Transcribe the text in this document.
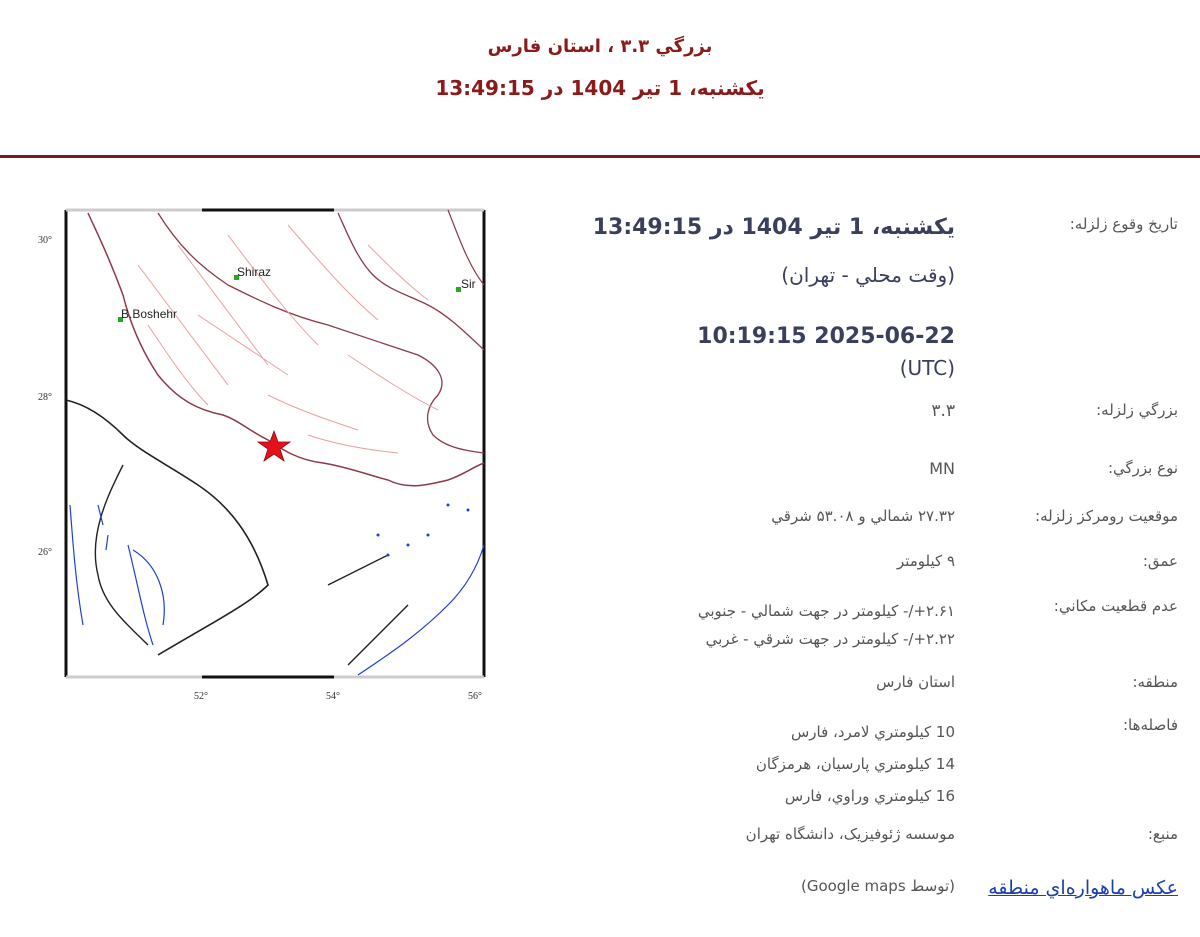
بزرگي ۳.۳ ، استان فارس
يکشنبه، 1 تير 1404 در 13:49:15
Shiraz
B.Boshehr
Sir
30°
28°
26°
52°	54°	56°
تاريخ وقوع زلزله:
يکشنبه، 1 تير 1404 در 13:49:15
(وقت محلي - تهران)
2025-06-22 10:19:15
(UTC)
بزرگي زلزله:
۳.۳
نوع بزرگي:
MN
موقعيت رومرکز زلزله:
۲۷.۳۲ شمالي و ۵۳.۰۸ شرقي
عمق:
۹ کيلومتر
عدم قطعيت مکاني:
۲.۶۱+/- کيلومتر در جهت شمالي - جنوبي
۲.۲۲+/- کيلومتر در جهت شرقي - غربي
منطقه:
استان فارس
فاصله‌ها:
10 کيلومتري لامرد، فارس
14 کيلومتري پارسيان، هرمزگان
16 کيلومتري وراوي، فارس
منبع:
موسسه ژئوفيزيک، دانشگاه تهران
عکس ماهواره‌اي منطقه
(توسط Google maps)
